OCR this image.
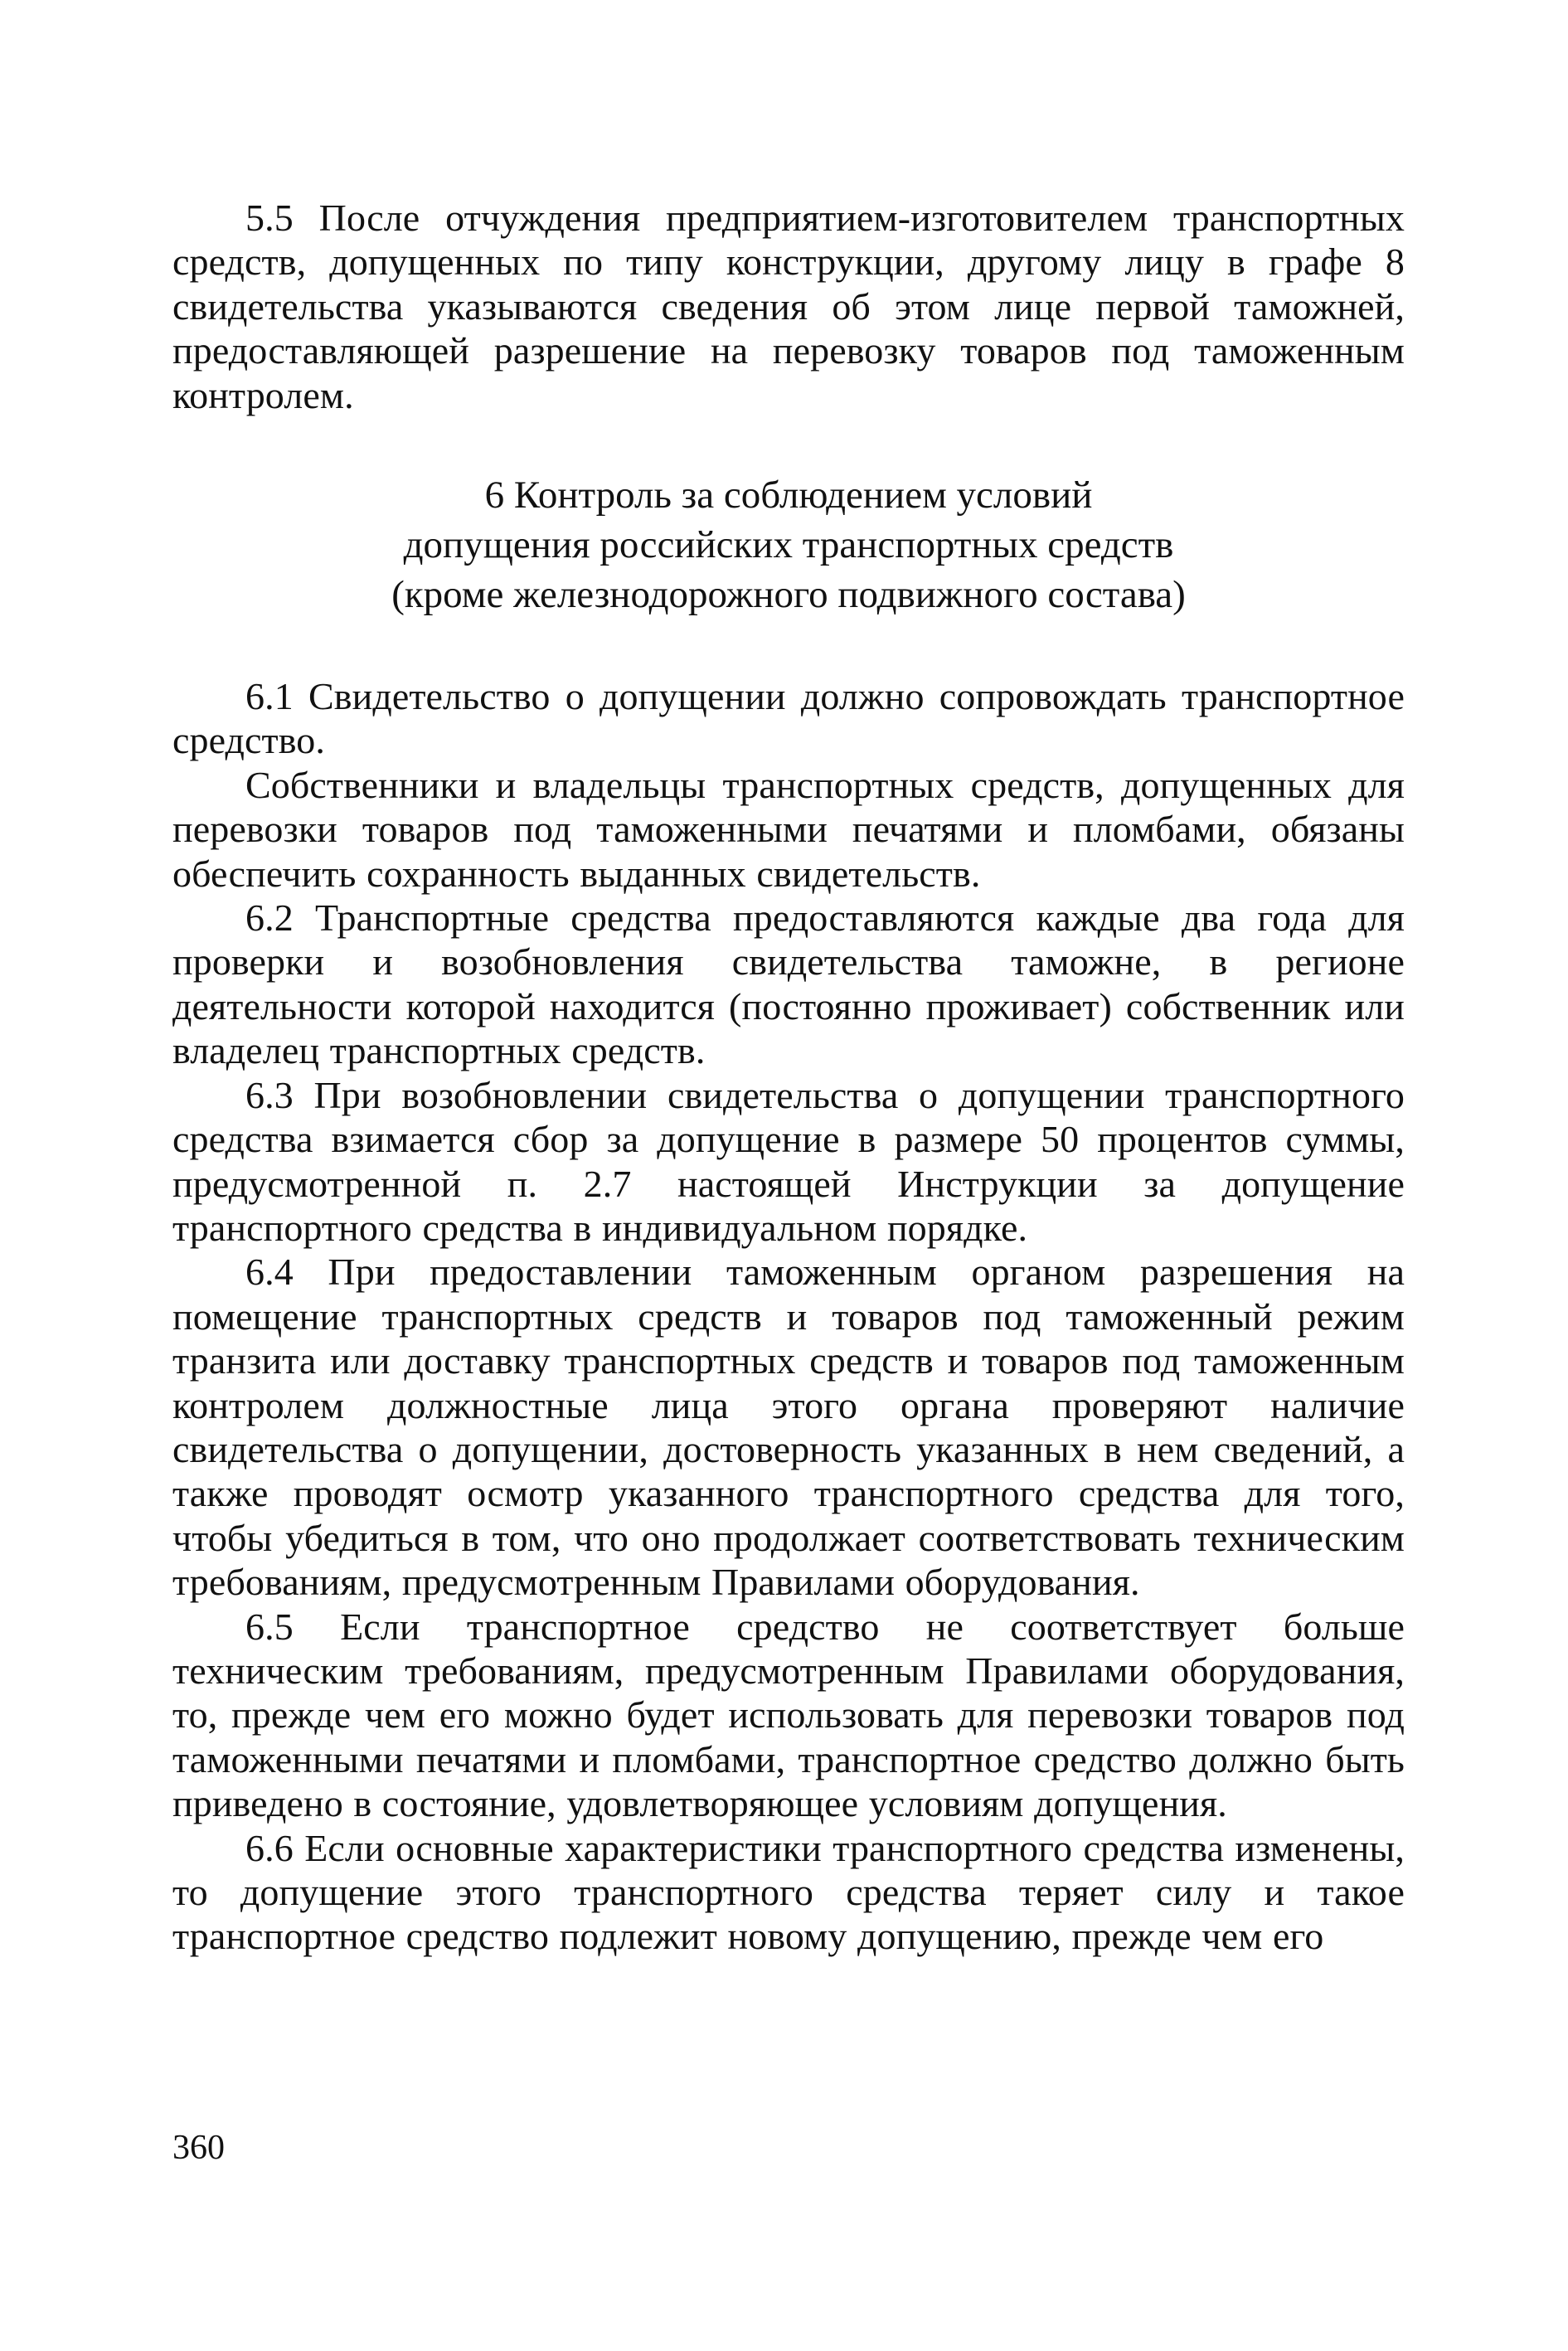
5.5 После отчуждения предприятием-изготовителем транспортных средств, допущенных по типу конструкции, другому лицу в графе 8 свидетельства указываются сведения об этом лице первой таможней, предоставляющей разрешение на перевозку товаров под таможенным контролем.

6 Контроль за соблюдением условий
допущения российских транспортных средств
(кроме железнодорожного подвижного состава)

6.1 Свидетельство о допущении должно сопровождать транспортное средство.

Собственники и владельцы транспортных средств, допущенных для перевозки товаров под таможенными печатями и пломбами, обязаны обеспечить сохранность выданных свидетельств.

6.2 Транспортные средства предоставляются каждые два года для проверки и возобновления свидетельства таможне, в регионе деятельности которой находится (постоянно проживает) собственник или владелец транспортных средств.

6.3 При возобновлении свидетельства о допущении транспортного средства взимается сбор за допущение в размере 50 процентов суммы, предусмотренной п. 2.7 настоящей Инструкции за допущение транспортного средства в индивидуальном порядке.

6.4 При предоставлении таможенным органом разрешения на помещение транспортных средств и товаров под таможенный режим транзита или доставку транспортных средств и товаров под таможенным контролем должностные лица этого органа проверяют наличие свидетельства о допущении, достоверность указанных в нем сведений, а также проводят осмотр указанного транспортного средства для того, чтобы убедиться в том, что оно продолжает соответствовать техническим требованиям, предусмотренным Правилами оборудования.

6.5 Если транспортное средство не соответствует больше техническим требованиям, предусмотренным Правилами оборудования, то, прежде чем его можно будет использовать для перевозки товаров под таможенными печатями и пломбами, транспортное средство должно быть приведено в состояние, удовлетворяющее условиям допущения.

6.6 Если основные характеристики транспортного средства изменены, то допущение этого транспортного средства теряет силу и такое транспортное средство подлежит новому допущению, прежде чем его

360
